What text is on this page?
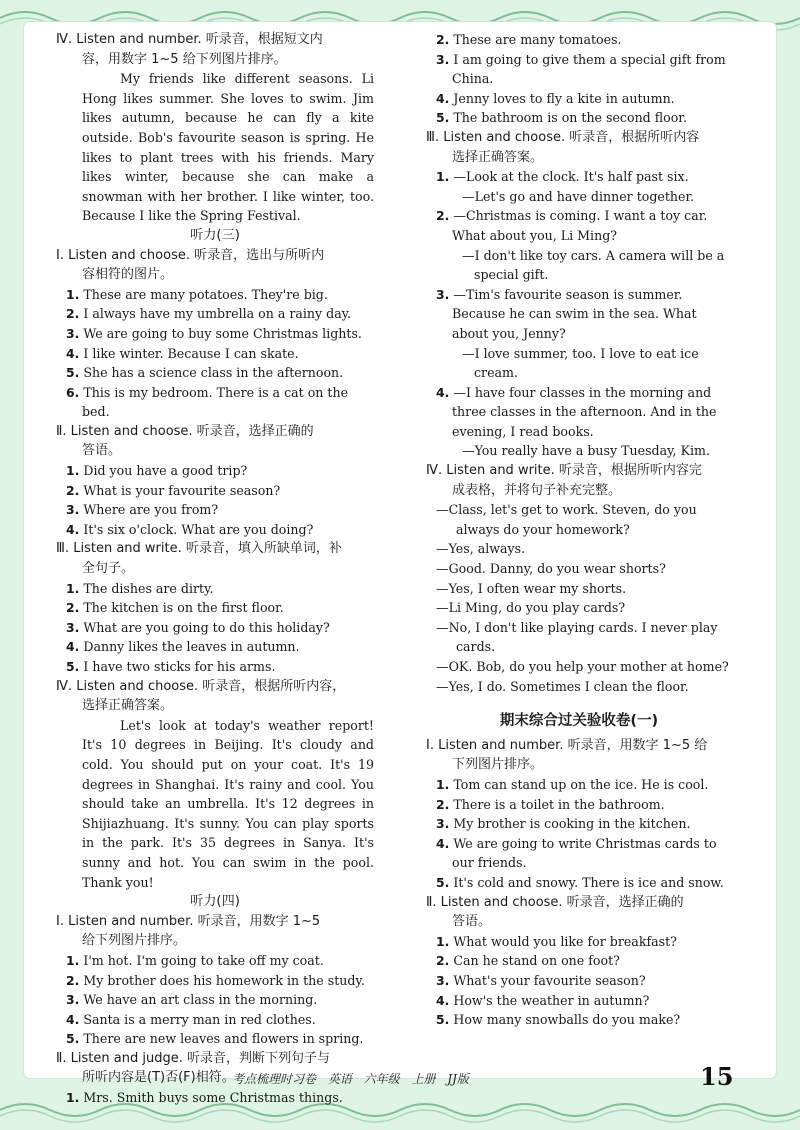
Ⅳ. Listen and number. 听录音，根据短文内
容，用数字 1~5 给下列图片排序。
My friends like different seasons. Li Hong likes summer. She loves to swim. Jim likes autumn, because he can fly a kite outside. Bob's favourite season is spring. He likes to plant trees with his friends. Mary likes winter, because she can make a snowman with her brother. I like winter, too. Because I like the Spring Festival.
听力(三)
Ⅰ. Listen and choose. 听录音，选出与所听内
容相符的图片。
1. These are many potatoes. They're big.
2. I always have my umbrella on a rainy day.
3. We are going to buy some Christmas lights.
4. I like winter. Because I can skate.
5. She has a science class in the afternoon.
6. This is my bedroom. There is a cat on the bed.
Ⅱ. Listen and choose. 听录音，选择正确的
答语。
1. Did you have a good trip?
2. What is your favourite season?
3. Where are you from?
4. It's six o'clock. What are you doing?
Ⅲ. Listen and write. 听录音，填入所缺单词，补
全句子。
1. The dishes are dirty.
2. The kitchen is on the first floor.
3. What are you going to do this holiday?
4. Danny likes the leaves in autumn.
5. I have two sticks for his arms.
Ⅳ. Listen and choose. 听录音，根据所听内容，
选择正确答案。
Let's look at today's weather report! It's 10 degrees in Beijing. It's cloudy and cold. You should put on your coat. It's 19 degrees in Shanghai. It's rainy and cool. You should take an umbrella. It's 12 degrees in Shijiazhuang. It's sunny. You can play sports in the park. It's 35 degrees in Sanya. It's sunny and hot. You can swim in the pool. Thank you!
听力(四)
Ⅰ. Listen and number. 听录音，用数字 1~5
给下列图片排序。
1. I'm hot. I'm going to take off my coat.
2. My brother does his homework in the study.
3. We have an art class in the morning.
4. Santa is a merry man in red clothes.
5. There are new leaves and flowers in spring.
Ⅱ. Listen and judge. 听录音，判断下列句子与
所听内容是(T)否(F)相符。
1. Mrs. Smith buys some Christmas things.
2. These are many tomatoes.
3. I am going to give them a special gift from China.
4. Jenny loves to fly a kite in autumn.
5. The bathroom is on the second floor.
Ⅲ. Listen and choose. 听录音，根据所听内容
选择正确答案。
1. —Look at the clock. It's half past six.
—Let's go and have dinner together.
2. —Christmas is coming. I want a toy car. What about you, Li Ming?
—I don't like toy cars. A camera will be a special gift.
3. —Tim's favourite season is summer. Because he can swim in the sea. What about you, Jenny?
—I love summer, too. I love to eat ice cream.
4. —I have four classes in the morning and three classes in the afternoon. And in the evening, I read books.
—You really have a busy Tuesday, Kim.
Ⅳ. Listen and write. 听录音，根据所听内容完
成表格，并将句子补充完整。
—Class, let's get to work. Steven, do you always do your homework?
—Yes, always.
—Good. Danny, do you wear shorts?
—Yes, I often wear my shorts.
—Li Ming, do you play cards?
—No, I don't like playing cards. I never play cards.
—OK. Bob, do you help your mother at home?
—Yes, I do. Sometimes I clean the floor.
期末综合过关验收卷(一)
Ⅰ. Listen and number. 听录音，用数字 1~5 给
下列图片排序。
1. Tom can stand up on the ice. He is cool.
2. There is a toilet in the bathroom.
3. My brother is cooking in the kitchen.
4. We are going to write Christmas cards to our friends.
5. It's cold and snowy. There is ice and snow.
Ⅱ. Listen and choose. 听录音，选择正确的
答语。
1. What would you like for breakfast?
2. Can he stand on one foot?
3. What's your favourite season?
4. How's the weather in autumn?
5. How many snowballs do you make?
考点梳理时习卷 英语 六年级 上册 JJ版	15
